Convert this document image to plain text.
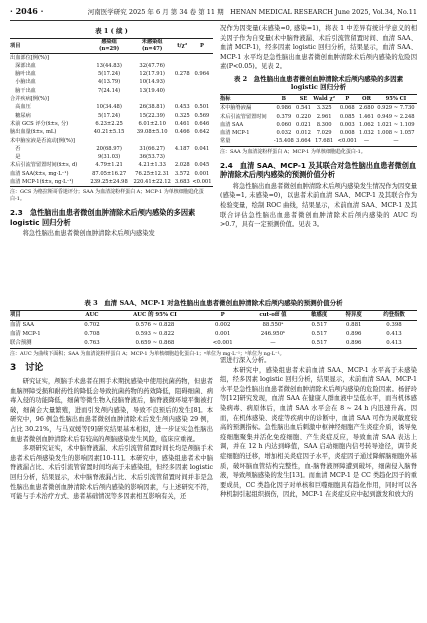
· 2046 ·	河南医学研究 2025 年 6 月 第 34 卷 第 11 期　HENAN MEDICAL RESEARCH June 2025, Vol.34, No.11
表 1 ( 续 )
项目	感染组
(n=29)	未感染组
(n=47)	t/χ²	P

出血部位[例(%)]				
　深部出血	13(44.83)	32(47.76)		
　脑叶出血	5(17.24)	12(17.91)	0.278	0.964
　小脑出血	4(13.79)	10(14.93)		
　脑干出血	7(24.14)	13(19.40)		
合并疾病[例(%)]				
　高血压	10(34.48)	26(38.81)	0.453	0.501
　糖尿病	5(17.24)	15(22.39)	0.325	0.569
术前 GCS 评分(x̄±s, 分)	6.23±2.25	6.01±2.10	0.461	0.646
脑出血量(x̄±s, mL)	40.21±5.15	39.08±5.10	0.466	0.642
术中脑室液是否流动[例(%)]				
　否	20(68.97)	31(66.27)	4.187	0.041
　是	9(31.03)	36(53.73)		
术后引流管留置时间(x̄±s, d)	4.79±1.21	4.21±1.33	2.028	0.045
血清 SAA(x̄±s, mg·L⁻¹)	87.05±16.27	76.25±12.31	3.572	0.001
血清 MCP-1(x̄±s, ng·L⁻¹)	239.25±24.98	220.41±22.12	3.683	<0.001
注：GCS 为格拉斯哥昏迷评分；SAA 为血清淀粉样蛋白 A；MCP-1 为单核细胞趋化蛋白-1。
2.3　急性脑出血患者微创血肿清除术后颅内感染的多因素 logistic 回归分析

将急性脑出血患者微创血肿清除术后颅内感染发

况作为因变量(未感染=0, 感染=1)，将表 1 中差异有统计学意义的相关因子作为自变量(术中脑脊液漏、术后引流管留置时间、血清 SAA、血清 MCP-1)，经多因素 logistic 回归分析，结果显示，血清 SAA、MCP-1 水平均是急性脑出血患者微创血肿清除术后颅内感染的危险因素(P<0.05)。见表 2。

表 2　急性脑出血患者微创血肿清除术后颅内感染的多因素 logistic 回归分析
指标	B	SE	Wald χ²	P	OR	95% CI
术中脑脊液漏	0.986	0.541	3.325	0.068	2.680	0.929 ~ 7.730
术后引流管留置时间	0.379	0.220	2.961	0.085	1.461	0.949 ~ 2.248
血清 SAA	0.060	0.021	8.300	0.003	1.062	1.021 ~ 1.109
血清 MCP-1	0.032	0.012	7.029	0.008	1.032	1.008 ~ 1.057
常量	-15.408	3.664	17.681	<0.001	—	—
注：SAA 为血清淀粉样蛋白 A；MCP-1 为单核细胞趋化蛋白-1。
2.4　血清 SAA、MCP-1 及其联合对急性脑出血患者微创血肿清除术后颅内感染的预测价值分析

将急性脑出血患者微创血肿清除术后颅内感染发生情况作为因变量(感染=1, 未感染=0)，以患者术前血清 SAA、MCP-1 及其联合作为检验变量，绘制 ROC 曲线，结果显示，术前血清 SAA、MCP-1 及其联合评估急性脑出血患者微创血肿清除术后颅内感染的 AUC 均>0.7，具有一定预测价值。见表 3。

表 3　血清 SAA、MCP-1 对急性脑出血患者微创血肿清除术后颅内感染的预测价值分析
项目	AUC	AUC 的 95% CI	P	cut-off 值	敏感度	特异度	约登指数
血清 SAA	0.702	0.576 ~ 0.828	0.002	88.550ᵃ	0.517	0.881	0.398
血清 MCP-1	0.708	0.593 ~ 0.822	0.001	246.950ᵇ	0.517	0.896	0.413
联合预测	0.763	0.659 ~ 0.868	<0.001	—	0.517	0.896	0.413
注：AUC 为曲线下面积；SAA 为血清淀粉样蛋白 A；MCP-1 为单核细胞趋化蛋白-1；ᵃ单位为 mg·L⁻¹；ᵇ单位为 ng·L⁻¹。
3　讨论

研究证实，颅脑手术患者在围手术期抗感染中使用抗菌药物，但患者血脑屏障受损和耐药性的降低会导致抗菌药物的药效降低，阻碍细菌、病毒入侵的功能降低，细菌等微生物入侵脑脊液后，脑脊液微环境平衡被打破，细菌会大量繁殖，进而引发颅内感染，导致不良预后的发生[8]。本研究中，96 例急性脑出血患者微创血肿清除术后发生颅内感染 29 例，占比 30.21%，与马双媛等[9]研究结果基本相似，进一步证实急性脑出血患者微创血肿清除术后有较高的颅脑感染发生风险，临床应重视。

多项研究证实，术中脑脊液漏、术后引流管留置时间长均是颅脑手术患者术后颅感染发生的影响因素[10-11]。本研究中，感染组患者术中脑脊液漏占比、术后引流管留置时间均高于未感染组，但经多因素 logistic 回归分析，结果显示，术中脑脊液漏占比、术后引流管留置时间并非是急性脑出血患者微创血肿清除术后颅内感染的影响因素，与上述研究不符，可能与手术治疗方式、患者基础情况等多因素相互影响有关，还

需进行深入分析。

本研究中，感染组患者术前血清 SAA、MCP-1 水平高于未感染组，经多因素 logistic 回归分析，结果显示，术前血清 SAA、MCP-1 水平是急性脑出血患者微创血肿清除术后颅内感染的危险因素。杨舒玲等[12]研究发现，血清 SAA 在健康人群血液中呈低水平，而当机体感染病毒、病原体后，血清 SAA 水平会在 8 ~ 24 h 内迅速升高。因而，在机体感染、炎症等疾病中的诊断中，血清 SAA 可作为灵敏度较高的预测指标。急性脑出血后刺激中枢神经细胞产生炎症介质，诱导免疫细胞聚集并活化免疫细胞、产生炎症反应，导致血清 SAA 表达上调，并在 12 h 内达到峰值，SAA 启动细胞内信号转导途径，调节炎症细胞的迁移，增加相关炎症因子水平，炎症因子通过降解脑细胞外基质，破坏脑血管结构完整性，血-脑脊液屏障遭到破坏，细菌侵入脑脊液，导致颅脑感染的发生[13]。而血清 MCP-1 是 CC 类趋化因子的重要成员，CC 类趋化因子对单核和巨噬细胞具有趋化作用，同时可以各种机制引起组织损伤，因此，MCP-1 在炎症反应中起到激发和放大的
